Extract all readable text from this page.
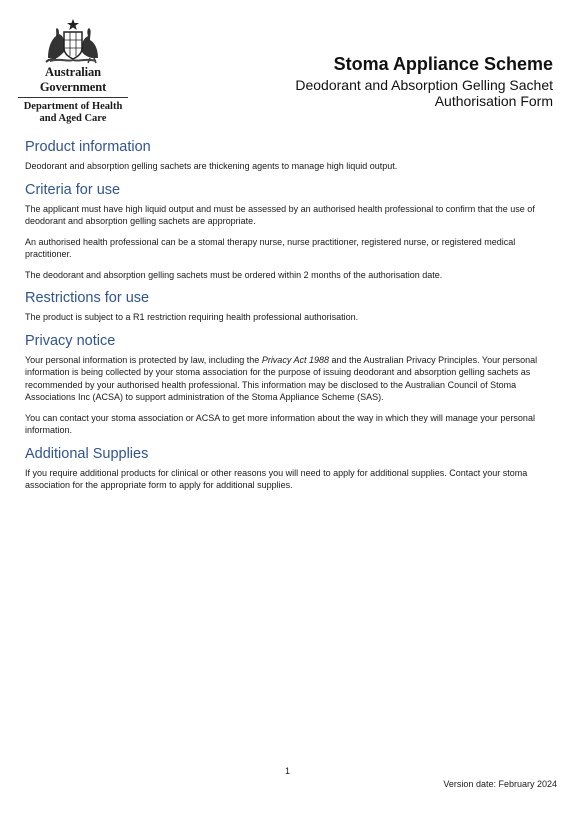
Australian Government
Department of Health
and Aged Care
Stoma Appliance Scheme
Deodorant and Absorption Gelling Sachet
Authorisation Form
Product information

Deodorant and absorption gelling sachets are thickening agents to manage high liquid output.

Criteria for use

The applicant must have high liquid output and must be assessed by an authorised health professional to confirm that the use of deodorant and absorption gelling sachets are appropriate.

An authorised health professional can be a stomal therapy nurse, nurse practitioner, registered nurse, or registered medical practitioner.

The deodorant and absorption gelling sachets must be ordered within 2 months of the authorisation date.

Restrictions for use

The product is subject to a R1 restriction requiring health professional authorisation.

Privacy notice

Your personal information is protected by law, including the Privacy Act 1988 and the Australian Privacy Principles. Your personal information is being collected by your stoma association for the purpose of issuing deodorant and absorption gelling sachets as recommended by your authorised health professional. This information may be disclosed to the Australian Council of Stoma Associations Inc (ACSA) to support administration of the Stoma Appliance Scheme (SAS).

You can contact your stoma association or ACSA to get more information about the way in which they will manage your personal information.

Additional Supplies

If you require additional products for clinical or other reasons you will need to apply for additional supplies. Contact your stoma association for the appropriate form to apply for additional supplies.

1
Version date: February 2024
